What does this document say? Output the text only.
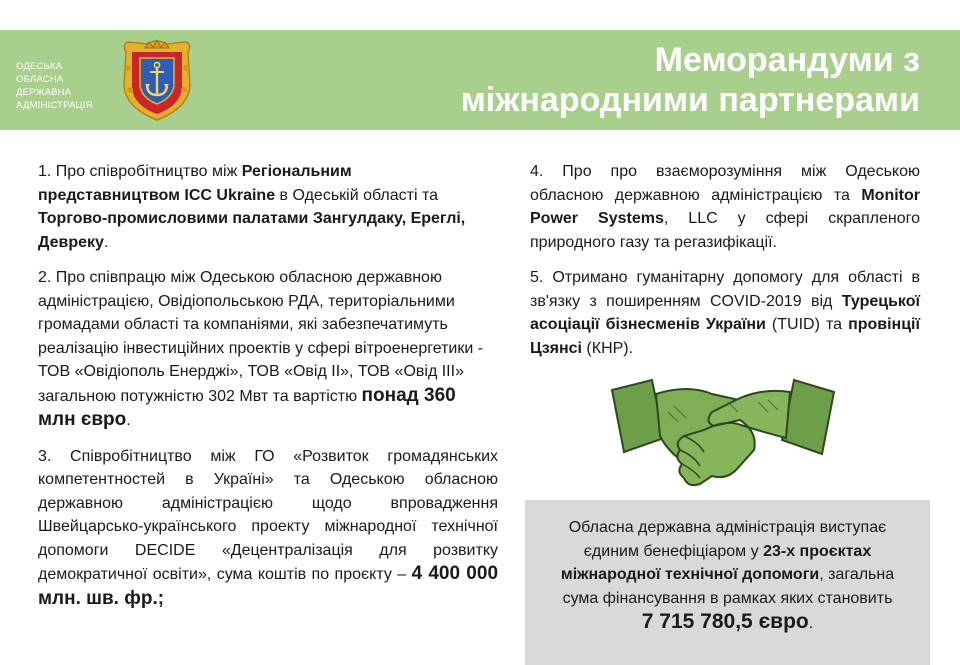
ОДЕСЬКА
ОБЛАСНА
ДЕРЖАВНА
АДМІНІСТРАЦІЯ
Меморандуми з
міжнародними партнерами

1. Про співробітництво між Регіональним представництвом ICC Ukraine в Одеській області та Торгово-промисловими палатами Зангулдаку, Ереглі, Девреку.

2. Про співпрацю між Одеською обласною державною адміністрацією, Овідіопольською РДА, територіальними громадами області та компаніями, які забезпечатимуть реалізацію інвестиційних проектів у сфері вітроенергетики - ТОВ «Овідіополь Енерджі», ТОВ «Овід ІІ», ТОВ «Овід ІІІ» загальною потужністю 302 Мвт та вартістю понад 360 млн євро.

3. Співробітництво між ГО «Розвиток громадянських компетентностей в Україні» та Одеською обласною державною адміністрацією щодо впровадження Швейцарсько-українського проекту міжнародної технічної допомоги DECIDE «Децентралізація для розвитку демократичної освіти», сума коштів по проєкту – 4 400 000 млн. шв. фр.;

4. Про про взаєморозуміння між Одеською обласною державною адміністрацією та Monitor Power Systems, LLC у сфері скрапленого природного газу та регазифікації.

5. Отримано гуманітарну допомогу для області в зв'язку з поширенням COVID-2019 від Турецької асоціації бізнесменів України (TUID) та провінції Цзянсі (КНР).

Обласна державна адміністрація виступає єдиним бенефіціаром у 23-х проєктах міжнародної технічної допомоги, загальна сума фінансування в рамках яких становить
7 715 780,5 євро.
